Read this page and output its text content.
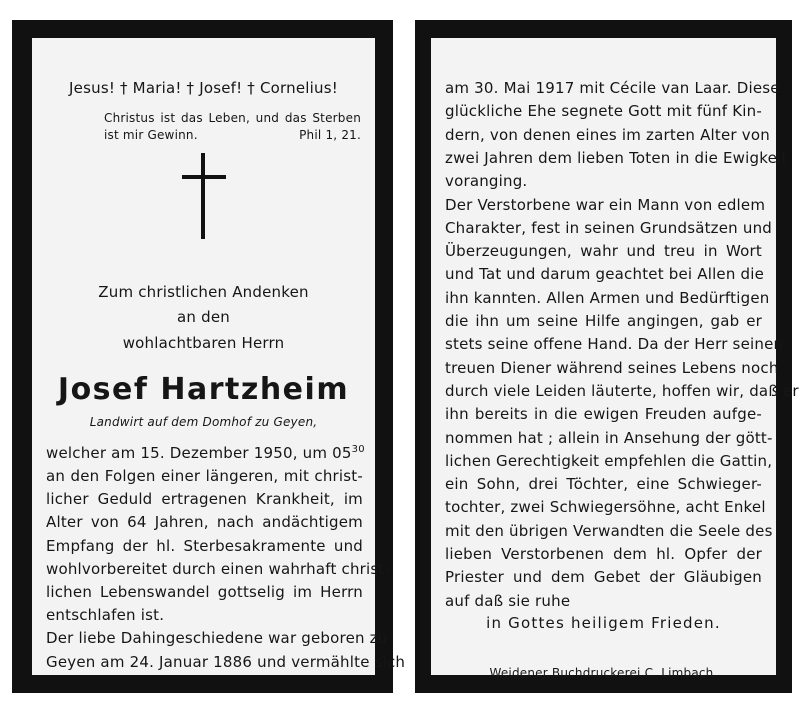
Jesus! † Maria! † Josef! † Cornelius!
Christus ist das Leben, und das Sterben
ist mir Gewinn.	Phil 1, 21.
Zum christlichen Andenken
an den
wohlachtbaren Herrn
Josef Hartzheim
Landwirt auf dem Domhof zu Geyen,
welcher am 15. Dezember 1950, um $05^{30}$
an den Folgen einer längeren, mit christ-
licher Geduld ertragenen Krankheit, im
Alter von 64 Jahren, nach andächtigem
Empfang der hl. Sterbesakramente und
wohlvorbereitet durch einen wahrhaft christ-
lichen Lebenswandel gottselig im Herrn
entschlafen ist.
Der liebe Dahingeschiedene war geboren zu
Geyen am 24. Januar 1886 und vermählte sich
am 30. Mai 1917 mit Cécile van Laar. Diese
glückliche Ehe segnete Gott mit fünf Kin-
dern, von denen eines im zarten Alter von
zwei Jahren dem lieben Toten in die Ewigkeit
voranging.
Der Verstorbene war ein Mann von edlem
Charakter, fest in seinen Grundsätzen und
Überzeugungen, wahr und treu in Wort
und Tat und darum geachtet bei Allen die
ihn kannten. Allen Armen und Bedürftigen
die ihn um seine Hilfe angingen, gab er
stets seine offene Hand. Da der Herr seinen
treuen Diener während seines Lebens noch
durch viele Leiden läuterte, hoffen wir, daß er
ihn bereits in die ewigen Freuden aufge-
nommen hat ; allein in Ansehung der gött-
lichen Gerechtigkeit empfehlen die Gattin,
ein Sohn, drei Töchter, eine Schwieger-
tochter, zwei Schwiegersöhne, acht Enkel
mit den übrigen Verwandten die Seele des
lieben Verstorbenen dem hl. Opfer der
Priester und dem Gebet der Gläubigen
auf daß sie ruhe
in Gottes heiligem Frieden.
Weidener Buchdruckerei C. Limbach.
